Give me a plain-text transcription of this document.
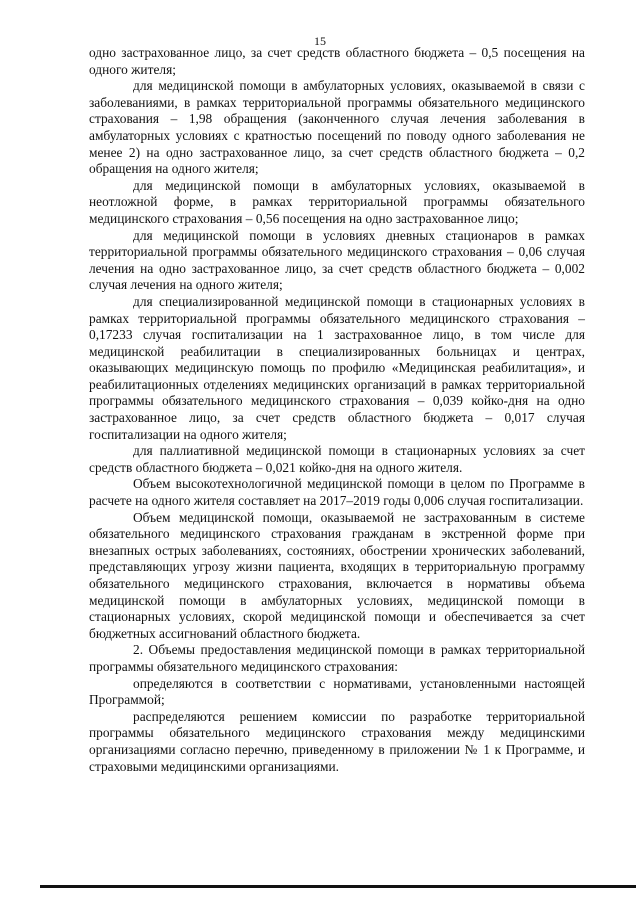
15

одно застрахованное лицо, за счет средств областного бюджета – 0,5 посещения на одного жителя;

для медицинской помощи в амбулаторных условиях, оказываемой в связи с заболеваниями, в рамках территориальной программы обязательного медицинского страхования – 1,98 обращения (законченного случая лечения заболевания в амбулаторных условиях с кратностью посещений по поводу одного заболевания не менее 2) на одно застрахованное лицо, за счет средств областного бюджета – 0,2 обращения на одного жителя;

для медицинской помощи в амбулаторных условиях, оказываемой в неотложной форме, в рамках территориальной программы обязательного медицинского страхования – 0,56 посещения на одно застрахованное лицо;

для медицинской помощи в условиях дневных стационаров в рамках территориальной программы обязательного медицинского страхования – 0,06 случая лечения на одно застрахованное лицо, за счет средств областного бюджета – 0,002 случая лечения на одного жителя;

для специализированной медицинской помощи в стационарных условиях в рамках территориальной программы обязательного медицинского страхования – 0,17233 случая госпитализации на 1 застрахованное лицо, в том числе для медицинской реабилитации в специализированных больницах и центрах, оказывающих медицинскую помощь по профилю «Медицинская реабилитация», и реабилитационных отделениях медицинских организаций в рамках территориальной программы обязательного медицинского страхования – 0,039 койко-дня на одно застрахованное лицо, за счет средств областного бюджета – 0,017 случая госпитализации на одного жителя;

для паллиативной медицинской помощи в стационарных условиях за счет средств областного бюджета – 0,021 койко-дня на одного жителя.

Объем высокотехнологичной медицинской помощи в целом по Программе в расчете на одного жителя составляет на 2017–2019 годы 0,006 случая госпитализации.

Объем медицинской помощи, оказываемой не застрахованным в системе обязательного медицинского страхования гражданам в экстренной форме при внезапных острых заболеваниях, состояниях, обострении хронических заболеваний, представляющих угрозу жизни пациента, входящих в территориальную программу обязательного медицинского страхования, включается в нормативы объема медицинской помощи в амбулаторных условиях, медицинской помощи в стационарных условиях, скорой медицинской помощи и обеспечивается за счет бюджетных ассигнований областного бюджета.

2. Объемы предоставления медицинской помощи в рамках территориальной программы обязательного медицинского страхования:

определяются в соответствии с нормативами, установленными настоящей Программой;

распределяются решением комиссии по разработке территориальной программы обязательного медицинского страхования между медицинскими организациями согласно перечню, приведенному в приложении № 1 к Программе, и страховыми медицинскими организациями.
